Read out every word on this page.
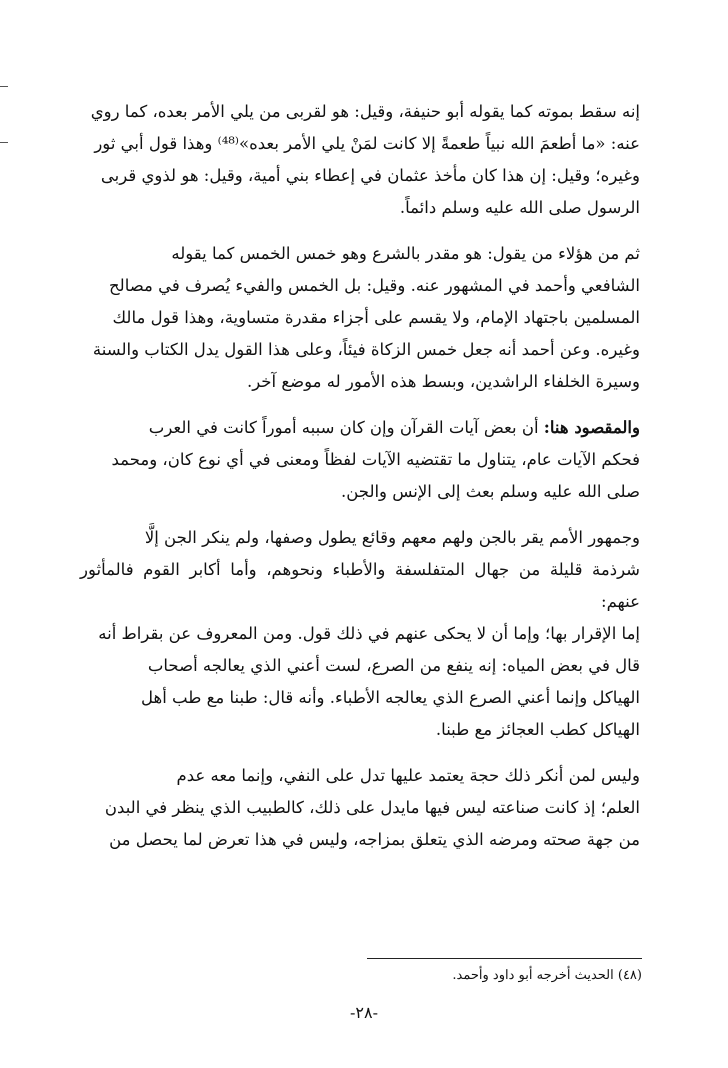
إنه سقط بموته كما يقوله أبو حنيفة، وقيل: هو لقربى من يلي الأمر بعده، كما روي

عنه: «ما أطعمَ الله نبياً طعمةً إلا كانت لمَنْ يلي الأمر بعده»⁽⁴⁸⁾ وهذا قول أبي ثور

وغيره؛ وقيل: إن هذا كان مأخذ عثمان في إعطاء بني أمية، وقيل: هو لذوي قربى

الرسول صلى الله عليه وسلم دائماً.

ثم من هؤلاء من يقول: هو مقدر بالشرع وهو خمس الخمس كما يقوله

الشافعي وأحمد في المشهور عنه. وقيل: بل الخمس والفيء يُصرف في مصالح

المسلمين باجتهاد الإمام، ولا يقسم على أجزاء مقدرة متساوية، وهذا قول مالك

وغيره. وعن أحمد أنه جعل خمس الزكاة فيئاً، وعلى هذا القول يدل الكتاب والسنة

وسيرة الخلفاء الراشدين، وبسط هذه الأمور له موضع آخر.

والمقصود هنا: أن بعض آيات القرآن وإن كان سببه أموراً كانت في العرب

فحكم الآيات عام، يتناول ما تقتضيه الآيات لفظاً ومعنى في أي نوع كان، ومحمد

صلى الله عليه وسلم بعث إلى الإنس والجن.

وجمهور الأمم يقر بالجن ولهم معهم وقائع يطول وصفها، ولم ينكر الجن إلَّا

شرذمة قليلة من جهال المتفلسفة والأطباء ونحوهم، وأما أكابر القوم فالمأثور عنهم:

إما الإقرار بها؛ وإما أن لا يحكى عنهم في ذلك قول. ومن المعروف عن بقراط أنه

قال في بعض المياه: إنه ينفع من الصرع، لست أعني الذي يعالجه أصحاب

الهياكل وإنما أعني الصرع الذي يعالجه الأطباء. وأنه قال: طبنا مع طب أهل

الهياكل كطب العجائز مع طبنا.

وليس لمن أنكر ذلك حجة يعتمد عليها تدل على النفي، وإنما معه عدم

العلم؛ إذ كانت صناعته ليس فيها مايدل على ذلك، كالطبيب الذي ينظر في البدن

من جهة صحته ومرضه الذي يتعلق بمزاجه، وليس في هذا تعرض لما يحصل من

(٤٨) الحديث أخرجه أبو داود وأحمد.
-٢٨-
